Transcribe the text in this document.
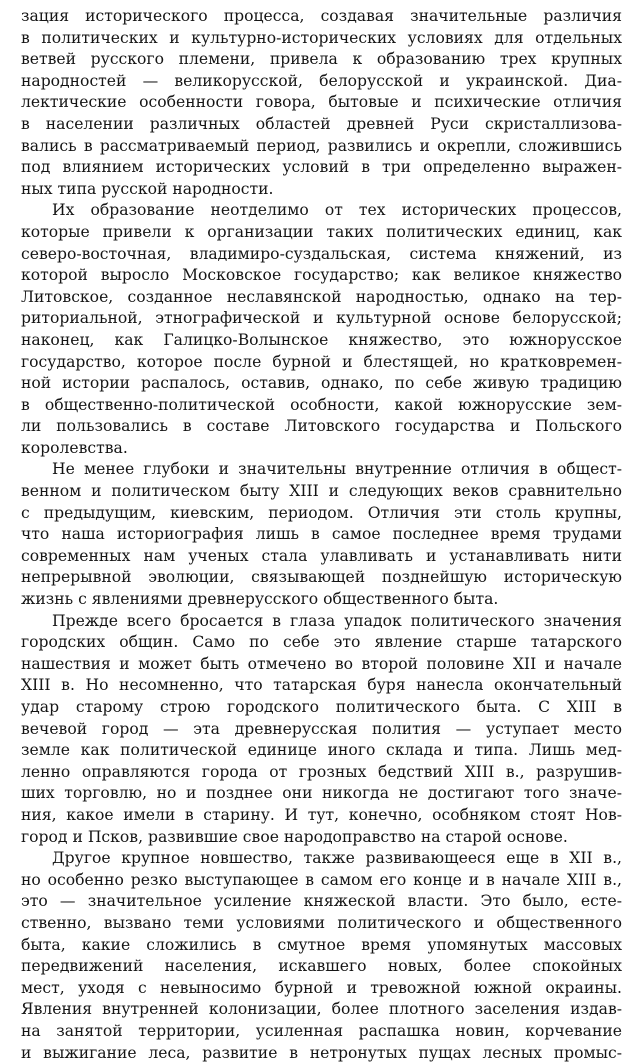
зация исторического процесса, создавая значительные различия
в политических и культурно-исторических условиях для отдельных
ветвей русского племени, привела к образованию трех крупных
народностей — великорусской, белорусской и украинской. Диа-
лектические особенности говора, бытовые и психические отличия
в населении различных областей древней Руси скристаллизова-
вались в рассматриваемый период, развились и окрепли, сложившись
под влиянием исторических условий в три определенно выражен-
ных типа русской народности.
Их образование неотделимо от тех исторических процессов,
которые привели к организации таких политических единиц, как
северо-восточная, владимиро-суздальская, система княжений, из
которой выросло Московское государство; как великое княжество
Литовское, созданное неславянской народностью, однако на тер-
риториальной, этнографической и культурной основе белорусской;
наконец, как Галицко-Волынское княжество, это южнорусское
государство, которое после бурной и блестящей, но кратковремен-
ной истории распалось, оставив, однако, по себе живую традицию
в общественно-политической особности, какой южнорусские зем-
ли пользовались в составе Литовского государства и Польского
королевства.
Не менее глубоки и значительны внутренние отличия в общест-
венном и политическом быту XIII и следующих веков сравнительно
с предыдущим, киевским, периодом. Отличия эти столь крупны,
что наша историография лишь в самое последнее время трудами
современных нам ученых стала улавливать и устанавливать нити
непрерывной эволюции, связывающей позднейшую историческую
жизнь с явлениями древнерусского общественного быта.
Прежде всего бросается в глаза упадок политического значения
городских общин. Само по себе это явление старше татарского
нашествия и может быть отмечено во второй половине XII и начале
XIII в. Но несомненно, что татарская буря нанесла окончательный
удар старому строю городского политического быта. С XIII в
вечевой город — эта древнерусская полития — уступает место
земле как политической единице иного склада и типа. Лишь мед-
ленно оправляются города от грозных бедствий XIII в., разрушив-
ших торговлю, но и позднее они никогда не достигают того значе-
ния, какое имели в старину. И тут, конечно, особняком стоят Нов-
город и Псков, развившие свое народоправство на старой основе.
Другое крупное новшество, также развивающееся еще в XII в.,
но особенно резко выступающее в самом его конце и в начале XIII в.,
это — значительное усиление княжеской власти. Это было, есте-
ственно, вызвано теми условиями политического и общественного
быта, какие сложились в смутное время упомянутых массовых
передвижений населения, искавшего новых, более спокойных
мест, уходя с невыносимо бурной и тревожной южной окраины.
Явления внутренней колонизации, более плотного заселения издав-
на занятой территории, усиленная распашка новин, корчевание
и выжигание леса, развитие в нетронутых пущах лесных промыс-
